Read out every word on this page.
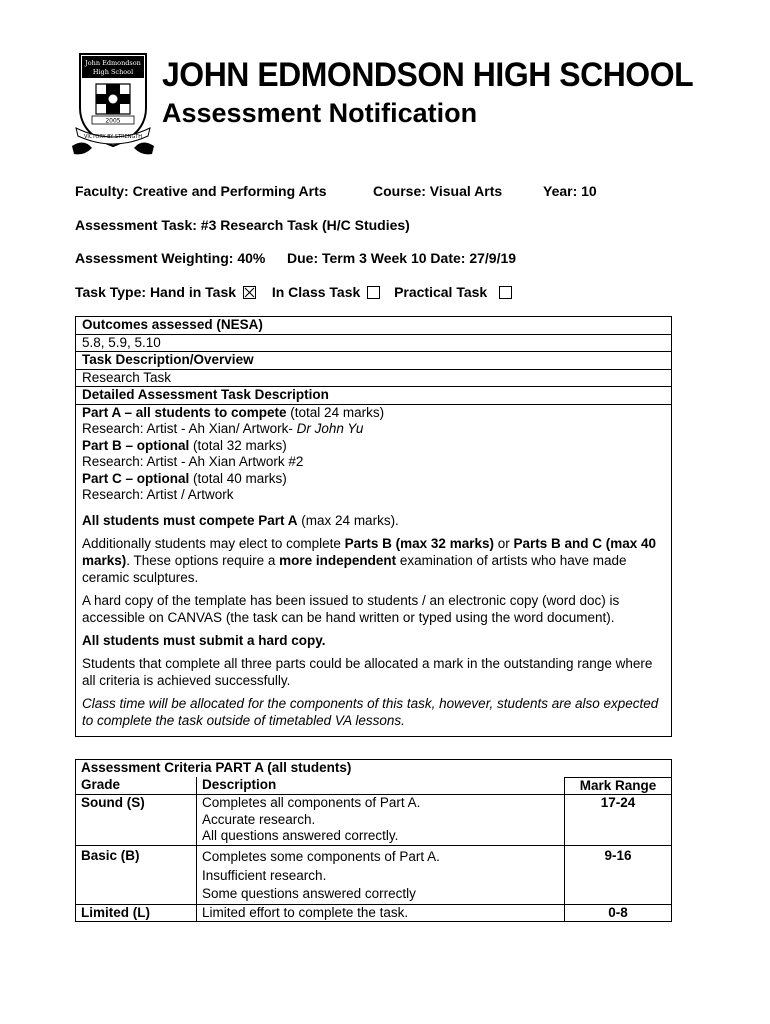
John Edmondson
High School
2005
VICTORY BY STRENGTH
JOHN EDMONDSON HIGH SCHOOL
Assessment Notification
Faculty: Creative and Performing Arts	Course: Visual Arts	Year: 10
Assessment Task: #3 Research Task (H/C Studies)
Assessment Weighting: 40% Due: Term 3 Week 10 Date: 27/9/19
Task Type: Hand in Task	In Class Task Practical Task
Outcomes assessed (NESA)
5.8, 5.9, 5.10
Task Description/Overview
Research Task
Detailed Assessment Task Description

Part A – all students to compete (total 24 marks)

Research: Artist - Ah Xian/ Artwork- Dr John Yu

Part B – optional (total 32 marks)

Research: Artist - Ah Xian Artwork #2

Part C – optional (total 40 marks)

Research: Artist / Artwork

All students must compete Part A (max 24 marks).

Additionally students may elect to complete Parts B (max 32 marks) or Parts B and C (max 40 marks). These options require a more independent examination of artists who have made ceramic sculptures.

A hard copy of the template has been issued to students / an electronic copy (word doc) is accessible on CANVAS (the task can be hand written or typed using the word document).

All students must submit a hard copy.

Students that complete all three parts could be allocated a mark in the outstanding range where all criteria is achieved successfully.

Class time will be allocated for the components of this task, however, students are also expected to complete the task outside of timetabled VA lessons.

Assessment Criteria PART A (all students)		
Grade	Description	Mark Range
Sound (S)	Completes all components of Part A.
Accurate research.
All questions answered correctly.	17-24
Basic (B)	Completes some components of Part A.
Insufficient research.
Some questions answered correctly	9-16
Limited (L)	Limited effort to complete the task.	0-8
